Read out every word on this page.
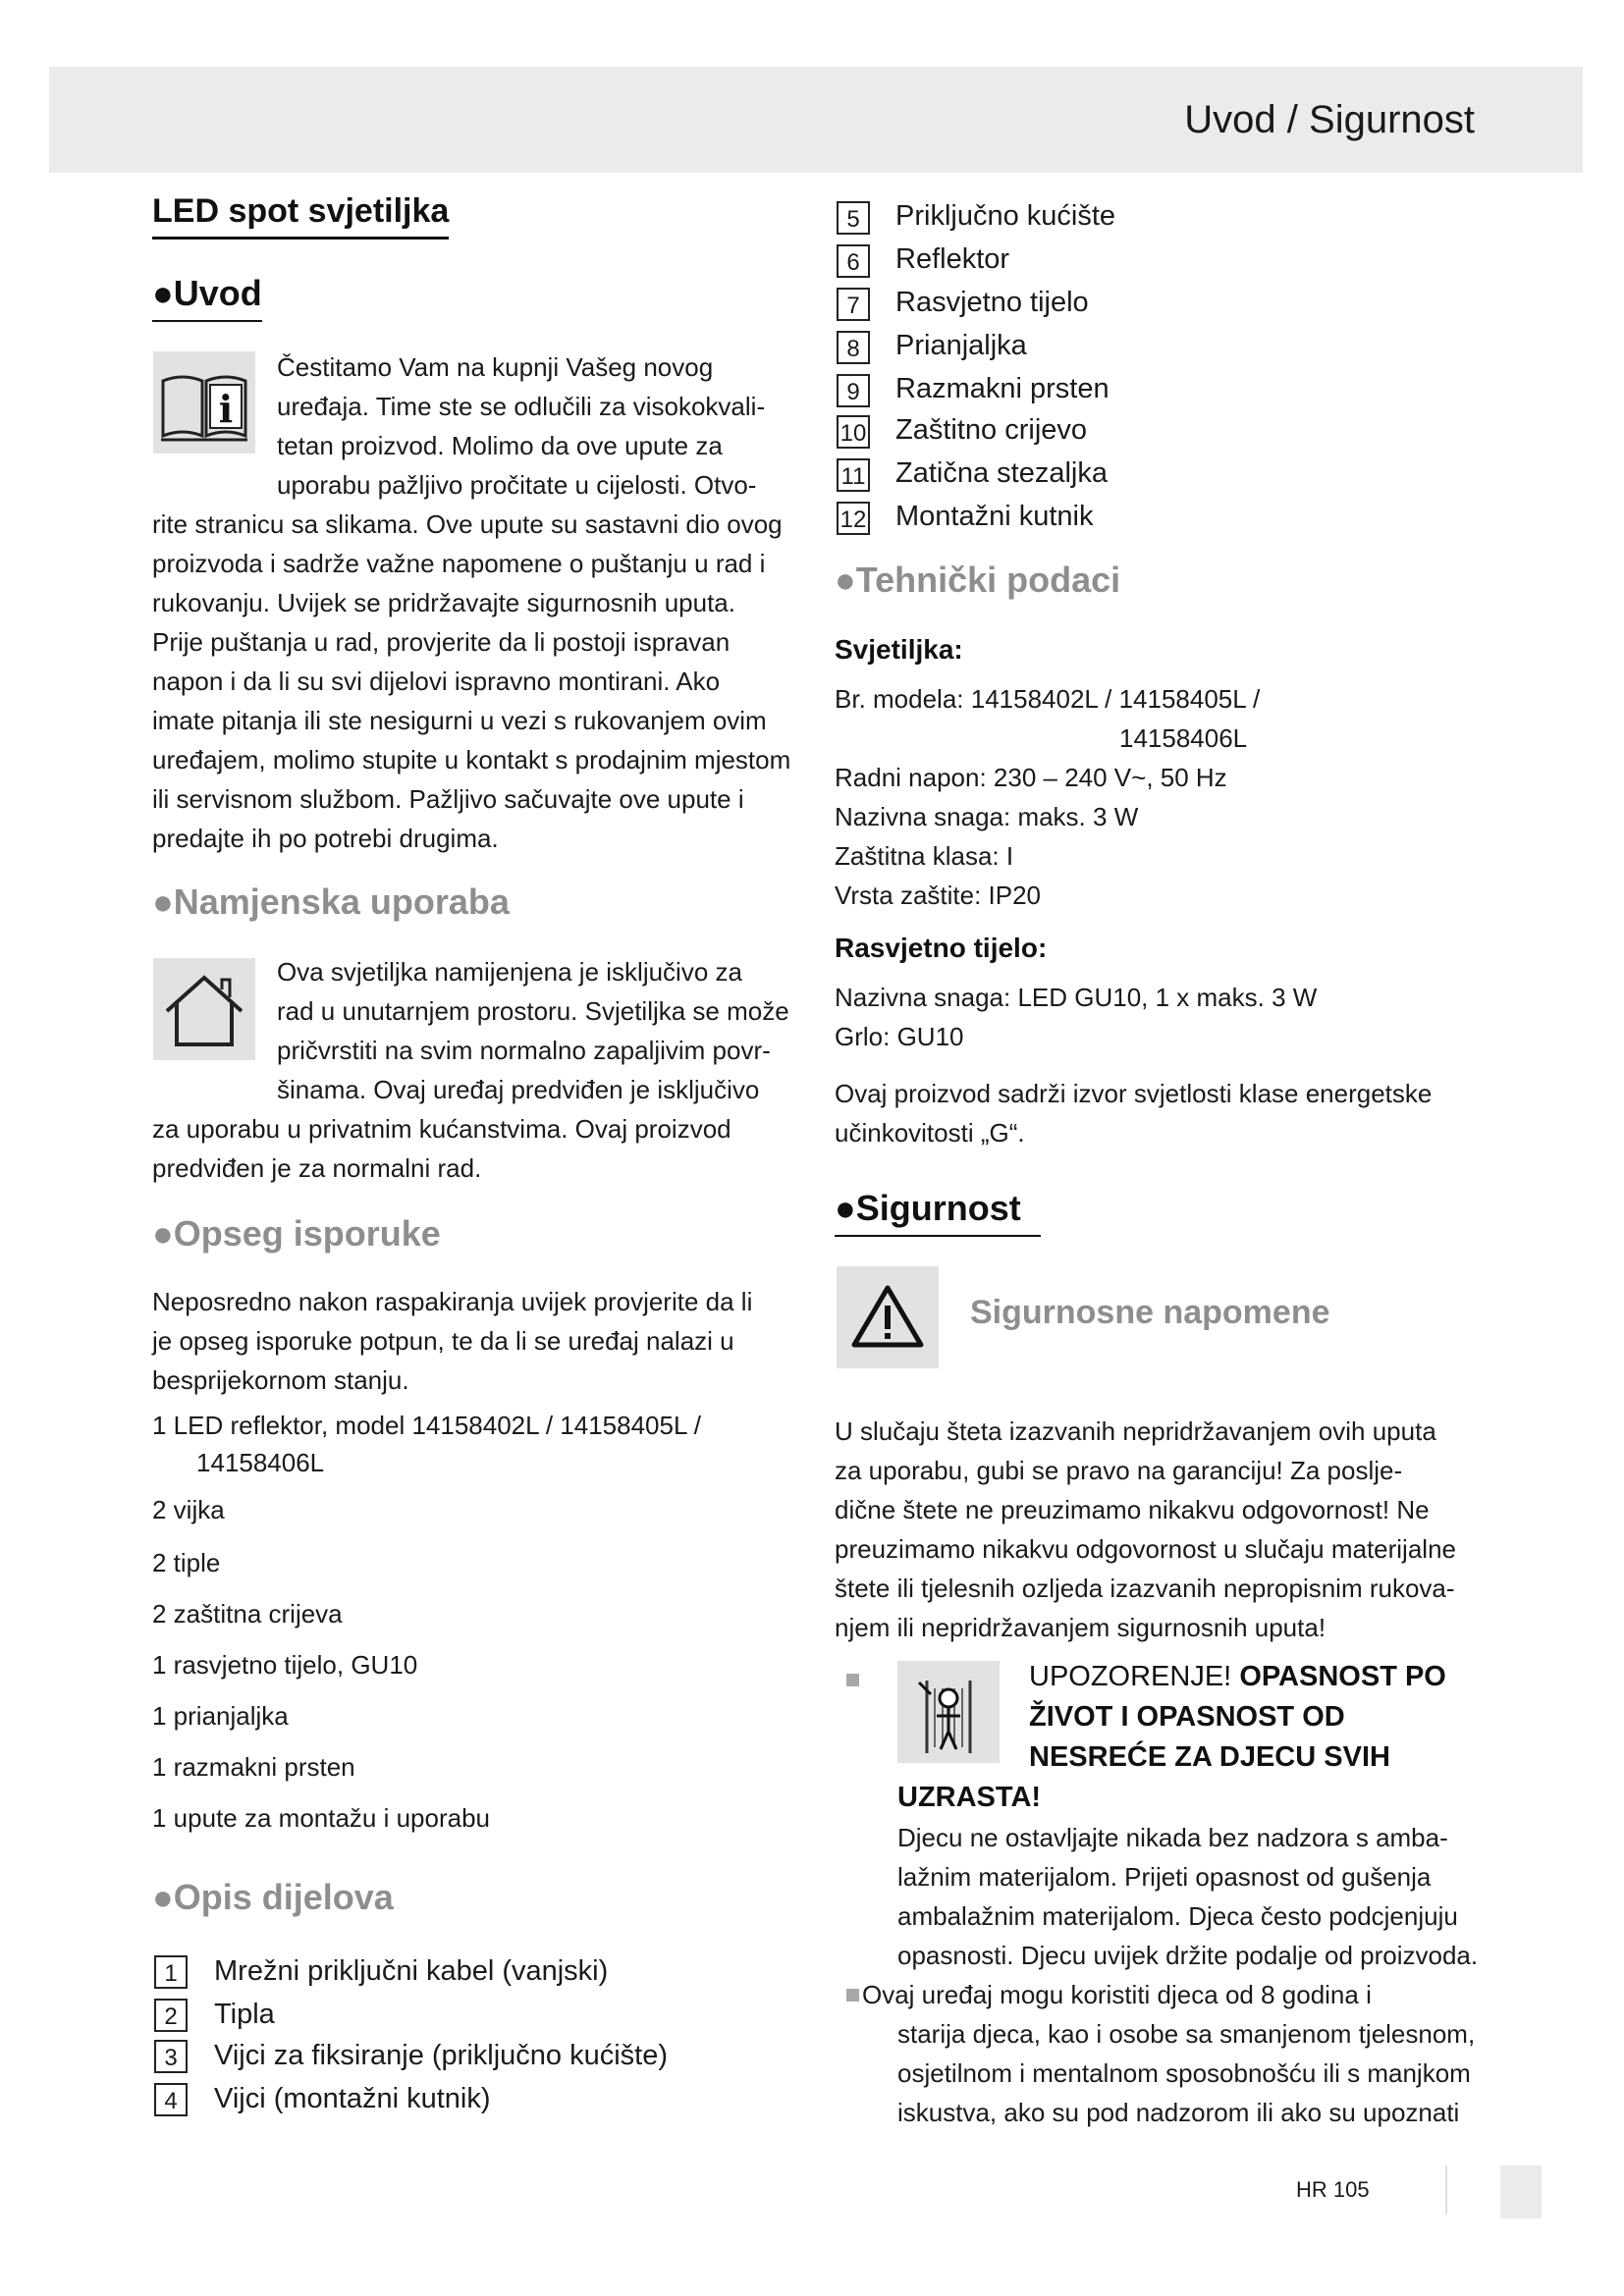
Uvod / Sigurnost
LED spot svjetiljka
●Uvod
i
Čestitamo Vam na kupnji Vašeg novog
uređaja. Time ste se odlučili za visokokvali-
tetan proizvod. Molimo da ove upute za
uporabu pažljivo pročitate u cijelosti. Otvo-
rite stranicu sa slikama. Ove upute su sastavni dio ovog
proizvoda i sadrže važne napomene o puštanju u rad i
rukovanju. Uvijek se pridržavajte sigurnosnih uputa.
Prije puštanja u rad, provjerite da li postoji ispravan
napon i da li su svi dijelovi ispravno montirani. Ako
imate pitanja ili ste nesigurni u vezi s rukovanjem ovim
uređajem, molimo stupite u kontakt s prodajnim mjestom
ili servisnom službom. Pažljivo sačuvajte ove upute i
predajte ih po potrebi drugima.
●Namjenska uporaba
Ova svjetiljka namijenjena je isključivo za
rad u unutarnjem prostoru. Svjetiljka se može
pričvrstiti na svim normalno zapaljivim povr-
šinama. Ovaj uređaj predviđen je isključivo
za uporabu u privatnim kućanstvima. Ovaj proizvod
predviđen je za normalni rad.
●Opseg isporuke
Neposredno nakon raspakiranja uvijek provjerite da li
je opseg isporuke potpun, te da li se uređaj nalazi u
besprijekornom stanju.
1 LED reflektor, model 14158402L / 14158405L /
14158406L
2 vijka
2 tiple
2 zaštitna crijeva
1 rasvjetno tijelo, GU10
1 prianjaljka
1 razmakni prsten
1 upute za montažu i uporabu
●Opis dijelova
1	Mrežni priključni kabel (vanjski)
2	Tipla
3	Vijci za fiksiranje (priključno kućište)
4	Vijci (montažni kutnik)
5	Priključno kućište
6	Reflektor
7	Rasvjetno tijelo
8	Prianjaljka
9	Razmakni prsten
10 Zaštitno crijevo
11 Zatična stezaljka
12 Montažni kutnik
●Tehnički podaci
Svjetiljka:
Br. modela: 14158402L / 14158405L /
14158406L
Radni napon: 230 – 240 V~, 50 Hz
Nazivna snaga: maks. 3 W
Zaštitna klasa: I
Vrsta zaštite: IP20
Rasvjetno tijelo:
Nazivna snaga: LED GU10, 1 x maks. 3 W
Grlo: GU10
Ovaj proizvod sadrži izvor svjetlosti klase energetske
učinkovitosti „G“.
●Sigurnost
Sigurnosne napomene
U slučaju šteta izazvanih nepridržavanjem ovih uputa
za uporabu, gubi se pravo na garanciju! Za poslje-
dične štete ne preuzimamo nikakvu odgovornost! Ne
preuzimamo nikakvu odgovornost u slučaju materijalne
štete ili tjelesnih ozljeda izazvanih nepropisnim rukova-
njem ili nepridržavanjem sigurnosnih uputa!
UPOZORENJE! OPASNOST PO
ŽIVOT I OPASNOST OD
NESREĆE ZA DJECU SVIH
UZRASTA!
Djecu ne ostavljajte nikada bez nadzora s amba-
lažnim materijalom. Prijeti opasnost od gušenja
ambalažnim materijalom. Djeca često podcjenjuju
opasnosti. Djecu uvijek držite podalje od proizvoda.
Ovaj uređaj mogu koristiti djeca od 8 godina i
starija djeca, kao i osobe sa smanjenom tjelesnom,
osjetilnom i mentalnom sposobnošću ili s manjkom
iskustva, ako su pod nadzorom ili ako su upoznati
HR 105
